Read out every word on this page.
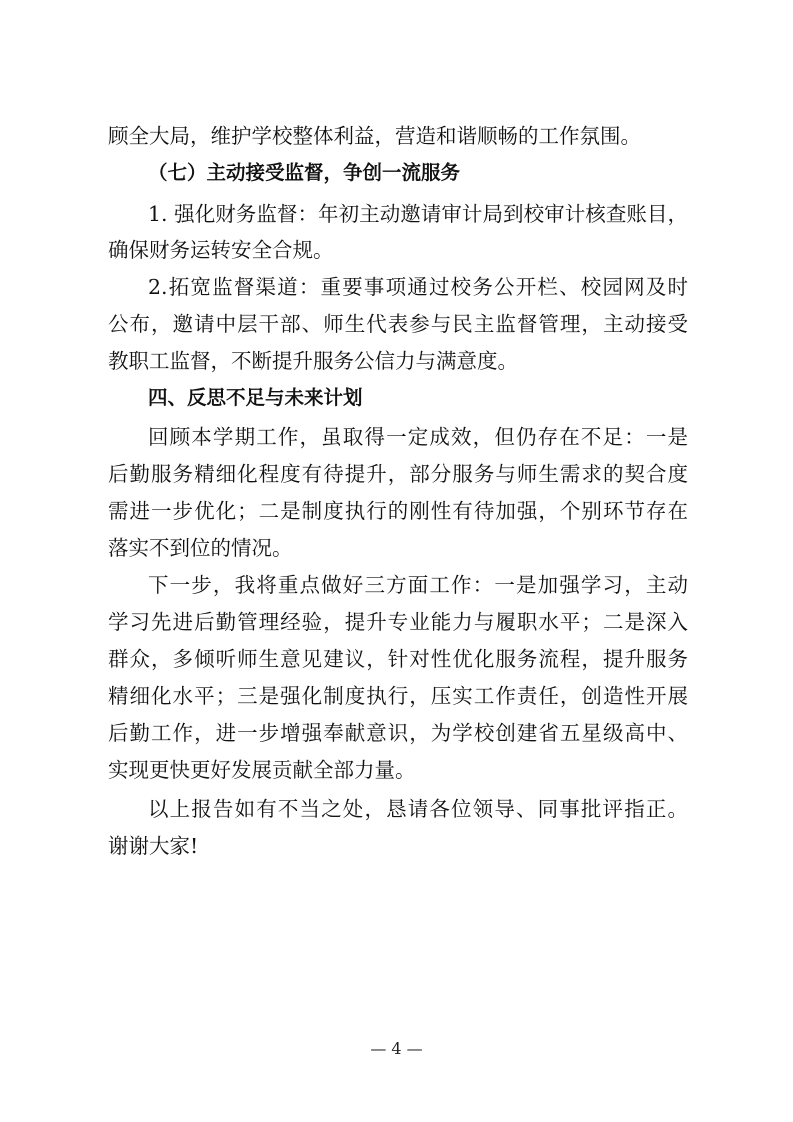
顾全大局，维护学校整体利益，营造和谐顺畅的工作氛围。
（七）主动接受监督，争创一流服务
1. 强化财务监督：年初主动邀请审计局到校审计核查账目，
确保财务运转安全合规。
2.拓宽监督渠道：重要事项通过校务公开栏、校园网及时
公布，邀请中层干部、师生代表参与民主监督管理，主动接受
教职工监督，不断提升服务公信力与满意度。
四、反思不足与未来计划
回顾本学期工作，虽取得一定成效，但仍存在不足：一是
后勤服务精细化程度有待提升，部分服务与师生需求的契合度
需进一步优化；二是制度执行的刚性有待加强，个别环节存在
落实不到位的情况。
下一步，我将重点做好三方面工作：一是加强学习，主动
学习先进后勤管理经验，提升专业能力与履职水平；二是深入
群众，多倾听师生意见建议，针对性优化服务流程，提升服务
精细化水平；三是强化制度执行，压实工作责任，创造性开展
后勤工作，进一步增强奉献意识，为学校创建省五星级高中、
实现更快更好发展贡献全部力量。
以上报告如有不当之处，恳请各位领导、同事批评指正。
谢谢大家!
— 4 —
